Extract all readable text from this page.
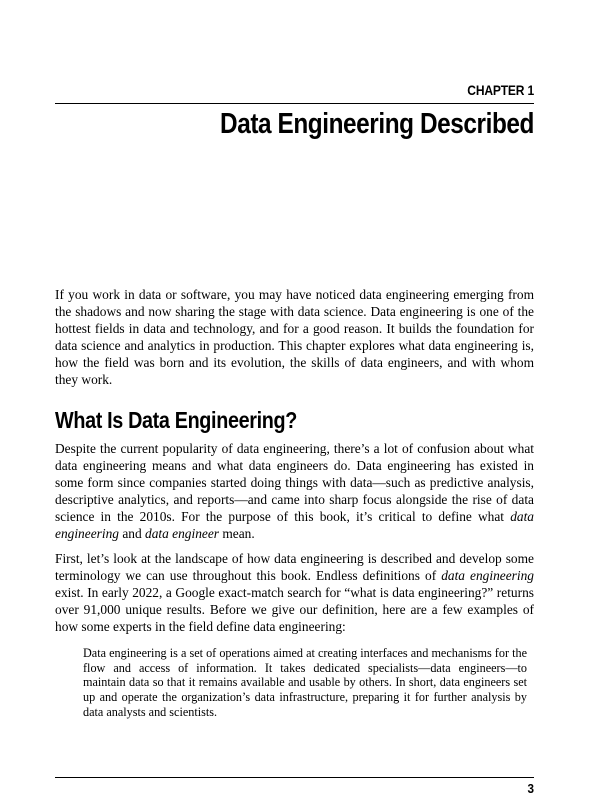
CHAPTER 1
Data Engineering Described

If you work in data or software, you may have noticed data engineering emerging from the shadows and now sharing the stage with data science. Data engineering is one of the hottest fields in data and technology, and for a good reason. It builds the foundation for data science and analytics in production. This chapter explores what data engineering is, how the field was born and its evolution, the skills of data engineers, and with whom they work.

What Is Data Engineering?

Despite the current popularity of data engineering, there’s a lot of confusion about what data engineering means and what data engineers do. Data engineering has existed in some form since companies started doing things with data—such as predictive analysis, descriptive analytics, and reports—and came into sharp focus alongside the rise of data science in the 2010s. For the purpose of this book, it’s critical to define what data engineering and data engineer mean.

First, let’s look at the landscape of how data engineering is described and develop some terminology we can use throughout this book. Endless definitions of data engineering exist. In early 2022, a Google exact-match search for “what is data engineering?” returns over 91,000 unique results. Before we give our definition, here are a few examples of how some experts in the field define data engineering:

Data engineering is a set of operations aimed at creating interfaces and mechanisms for the flow and access of information. It takes dedicated specialists—data engineers—to maintain data so that it remains available and usable by others. In short, data engineers set up and operate the organization’s data infrastructure, preparing it for further analysis by data analysts and scientists.
3
